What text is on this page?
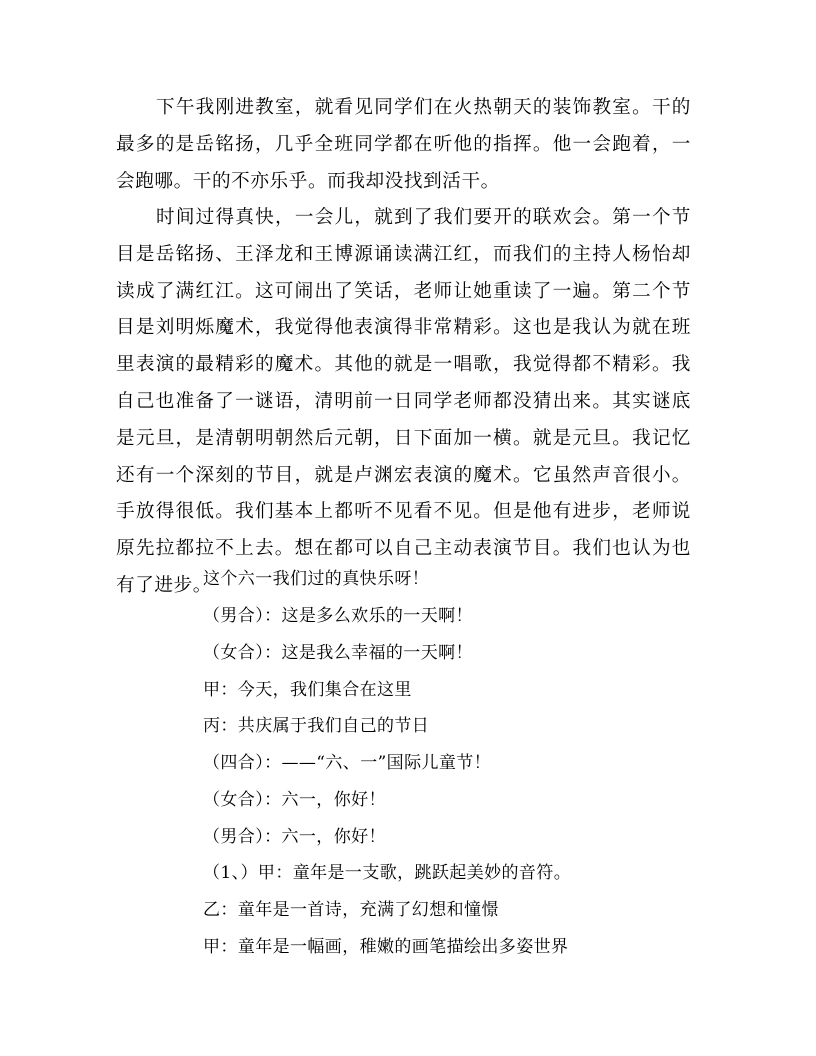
下午我刚进教室，就看见同学们在火热朝天的装饰教室。干的最多的是岳铭扬，几乎全班同学都在听他的指挥。他一会跑着，一会跑哪。干的不亦乐乎。而我却没找到活干。

时间过得真快，一会儿，就到了我们要开的联欢会。第一个节目是岳铭扬、王泽龙和王博源诵读满江红，而我们的主持人杨怡却读成了满红江。这可闹出了笑话，老师让她重读了一遍。第二个节目是刘明烁魔术，我觉得他表演得非常精彩。这也是我认为就在班里表演的最精彩的魔术。其他的就是一唱歌，我觉得都不精彩。我自己也准备了一谜语，清明前一日同学老师都没猜出来。其实谜底是元旦，是清朝明朝然后元朝，日下面加一横。就是元旦。我记忆还有一个深刻的节目，就是卢渊宏表演的魔术。它虽然声音很小。手放得很低。我们基本上都听不见看不见。但是他有进步，老师说原先拉都拉不上去。想在都可以自己主动表演节目。我们也认为也有了进步。

这个六一我们过的真快乐呀！

（男合）：这是多么欢乐的一天啊！

（女合）：这是我么幸福的一天啊！

甲：今天，我们集合在这里

丙：共庆属于我们自己的节日

（四合）：——“六、一”国际儿童节！

（女合）：六一，你好！

（男合）：六一，你好！

（1、）甲：童年是一支歌，跳跃起美妙的音符。

乙：童年是一首诗，充满了幻想和憧憬

甲：童年是一幅画，稚嫩的画笔描绘出多姿世界
